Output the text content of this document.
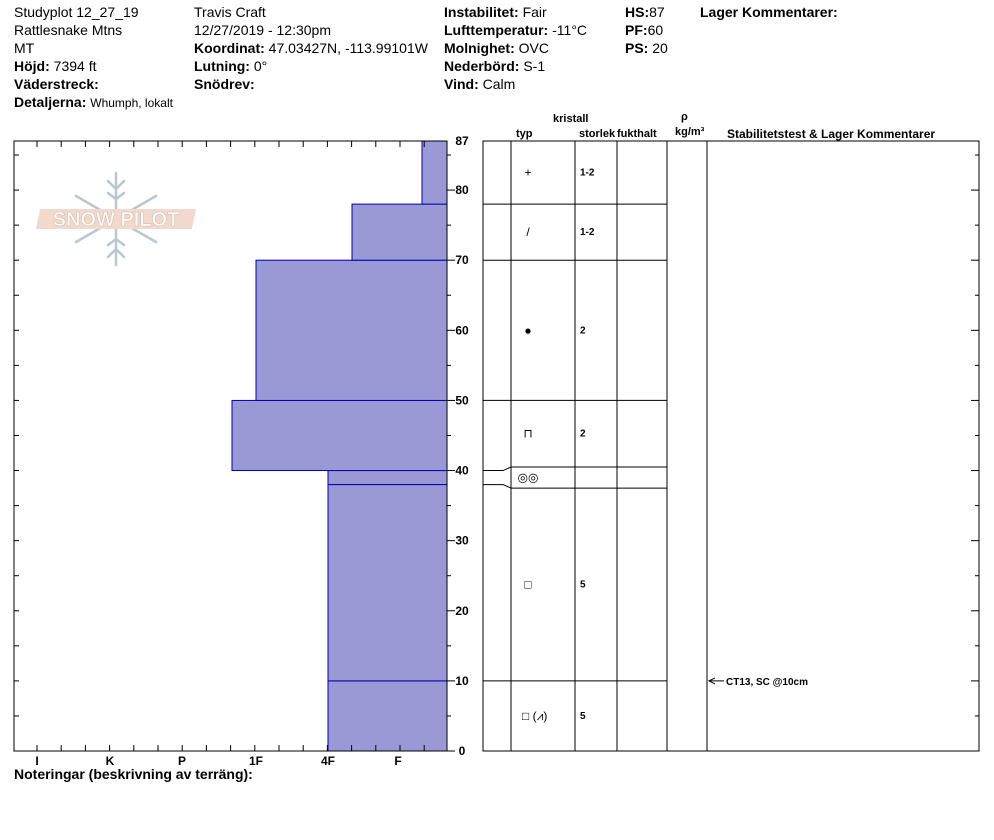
Studyplot 12_27_19
Rattlesnake Mtns
MT
Höjd: 7394 ft
Väderstreck:
Detaljerna: Whumph, lokalt
Travis Craft
12/27/2019 - 12:30pm
Koordinat: 47.03427N, -113.99101W
Lutning: 0°
Snödrev:
Instabilitet: Fair
Lufttemperatur: -11°C
Molnighet: OVC
Nederbörd: S-1
Vind: Calm
HS:87
PF:60
PS: 20
Lager Kommentarer:
kristall
typ	storlek fukthalt
ρ
kg/m³ Stabilitetstest & Lager Kommentarer
SNOW PILOT
I	K	P	1F	4F	F
0
10
20
30
40
50
60
70
80
87
+	1-2
/	1-2
●	2
⊓	2
◎◎
□	5
□ (⩘)	5
CT13, SC @10cm
Noteringar (beskrivning av terräng):
